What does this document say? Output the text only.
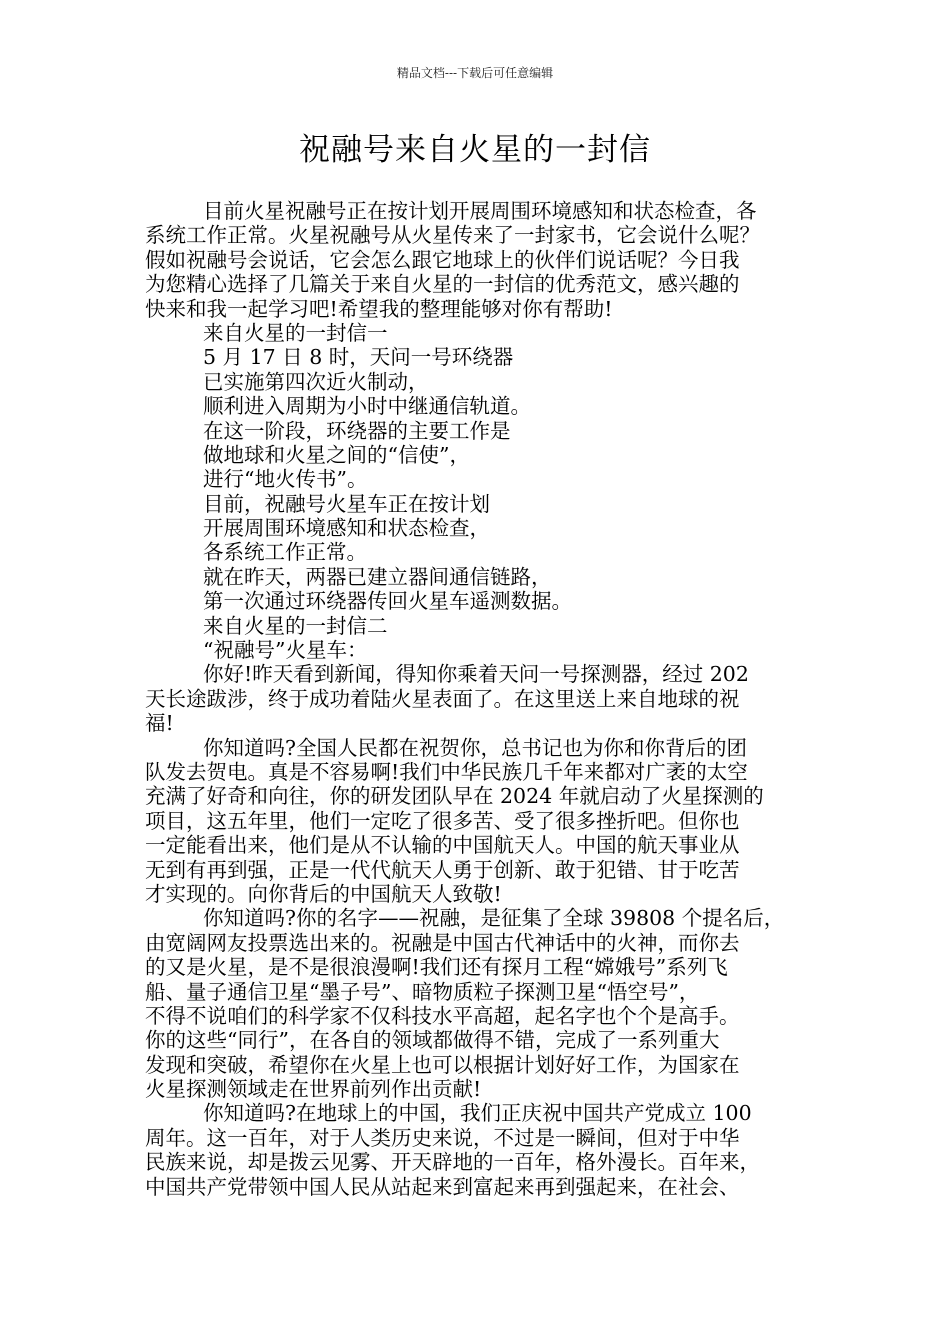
精品文档---下载后可任意编辑
祝融号来自火星的一封信
目前火星祝融号正在按计划开展周围环境感知和状态检查，各
系统工作正常。火星祝融号从火星传来了一封家书，它会说什么呢？
假如祝融号会说话，它会怎么跟它地球上的伙伴们说话呢？今日我
为您精心选择了几篇关于来自火星的一封信的优秀范文，感兴趣的
快来和我一起学习吧!希望我的整理能够对你有帮助!
来自火星的一封信一
5 月 17 日 8 时，天问一号环绕器
已实施第四次近火制动，
顺利进入周期为小时中继通信轨道。
在这一阶段，环绕器的主要工作是
做地球和火星之间的“信使”，
进行“地火传书”。
目前，祝融号火星车正在按计划
开展周围环境感知和状态检查，
各系统工作正常。
就在昨天，两器已建立器间通信链路，
第一次通过环绕器传回火星车遥测数据。
来自火星的一封信二
“祝融号”火星车：
你好!昨天看到新闻，得知你乘着天问一号探测器，经过 202
天长途跋涉，终于成功着陆火星表面了。在这里送上来自地球的祝
福!
你知道吗?全国人民都在祝贺你，总书记也为你和你背后的团
队发去贺电。真是不容易啊!我们中华民族几千年来都对广袤的太空
充满了好奇和向往，你的研发团队早在 2024 年就启动了火星探测的
项目，这五年里，他们一定吃了很多苦、受了很多挫折吧。但你也
一定能看出来，他们是从不认输的中国航天人。中国的航天事业从
无到有再到强，正是一代代航天人勇于创新、敢于犯错、甘于吃苦
才实现的。向你背后的中国航天人致敬!
你知道吗?你的名字——祝融，是征集了全球 39808 个提名后，
由宽阔网友投票选出来的。祝融是中国古代神话中的火神，而你去
的又是火星，是不是很浪漫啊!我们还有探月工程“嫦娥号”系列飞
船、量子通信卫星“墨子号”、暗物质粒子探测卫星“悟空号”，
不得不说咱们的科学家不仅科技水平高超，起名字也个个是高手。
你的这些“同行”，在各自的领域都做得不错，完成了一系列重大
发现和突破，希望你在火星上也可以根据计划好好工作，为国家在
火星探测领域走在世界前列作出贡献!
你知道吗?在地球上的中国，我们正庆祝中国共产党成立 100
周年。这一百年，对于人类历史来说，不过是一瞬间，但对于中华
民族来说，却是拨云见雾、开天辟地的一百年，格外漫长。百年来，
中国共产党带领中国人民从站起来到富起来再到强起来，在社会、
